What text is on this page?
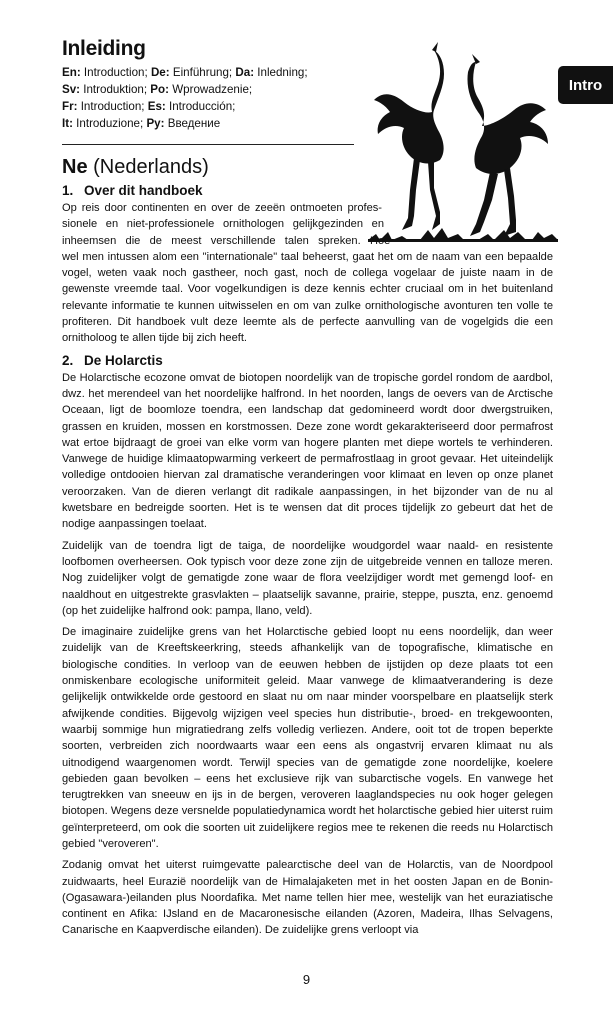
Inleiding
En: Introduction; De: Einführung; Da: Inledning;
Sv: Introduktion; Po: Wprowadzenie;
Fr: Introduction; Es: Introducción;
It: Introduzione; Py: Введение
Intro
Ne (Nederlands)
1. Over dit handboek

Op reis door continenten en over de zeeën ontmoeten profes-
sionele en niet-professionele ornithologen gelijkgezinden en
inheemsen die de meest verschillende talen spreken. Hoe-
wel men intussen alom een "internationale" taal beheerst, gaat het om de naam van een bepaalde vogel, weten vaak noch gastheer, noch gast, noch de collega vogelaar de juiste naam in de gewenste vreemde taal. Voor vogelkundigen is deze kennis echter cruciaal om in het buitenland relevante informatie te kunnen uitwisselen en om van zulke ornithologische avonturen ten volle te profiteren. Dit handboek vult deze leemte als de perfecte aanvulling van de vogelgids die een ornitholoog te allen tijde bij zich heeft.

2. De Holarctis

De Holarctische ecozone omvat de biotopen noordelijk van de tropische gordel rondom de aardbol, dwz. het merendeel van het noordelijke halfrond. In het noorden, langs de oevers van de Arctische Oceaan, ligt de boomloze toendra, een landschap dat gedomineerd wordt door dwergstruiken, grassen en kruiden, mossen en korstmossen. Deze zone wordt gekarakteriseerd door permafrost wat ertoe bijdraagt de groei van elke vorm van hogere planten met diepe wortels te verhinderen. Vanwege de huidige klimaatopwarming verkeert de permafrostlaag in groot gevaar. Het uiteindelijk volledige ontdooien hiervan zal dramatische veranderingen voor klimaat en leven op onze planet veroorzaken. Van de dieren verlangt dit radikale aanpassingen, in het bijzonder van de nu al kwetsbare en bedreigde soorten. Het is te wensen dat dit proces tijdelijk zo gebeurt dat het de nodige aanpassingen toelaat.

Zuidelijk van de toendra ligt de taiga, de noordelijke woudgordel waar naald- en resistente loofbomen overheersen. Ook typisch voor deze zone zijn de uitgebreide vennen en talloze meren. Nog zuidelijker volgt de gematigde zone waar de flora veelzijdiger wordt met gemengd loof- en naaldhout en uitgestrekte grasvlakten – plaatselijk savanne, prairie, steppe, puszta, enz. genoemd (op het zuidelijke halfrond ook: pampa, llano, veld).

De imaginaire zuidelijke grens van het Holarctische gebied loopt nu eens noordelijk, dan weer zuidelijk van de Kreeftskeerkring, steeds afhankelijk van de topografische, klimatische en biologische condities. In verloop van de eeuwen hebben de ijstijden op deze plaats tot een onmiskenbare ecologische uniformiteit geleid. Maar vanwege de klimaatverandering is deze gelijkelijk ontwikkelde orde gestoord en slaat nu om naar minder voorspelbare en plaatselijk sterk afwijkende condities. Bijgevolg wijzigen veel species hun distributie-, broed- en trekgewoonten, waarbij sommige hun migratiedrang zelfs volledig verliezen. Andere, ooit tot de tropen beperkte soorten, verbreiden zich noordwaarts waar een eens als ongastvrij ervaren klimaat nu als uitnodigend waargenomen wordt. Terwijl species van de gematigde zone noordelijke, koelere gebieden gaan bevolken – eens het exclusieve rijk van subarctische vogels. En vanwege het terugtrekken van sneeuw en ijs in de bergen, veroveren laaglandspecies nu ook hoger gelegen biotopen. Wegens deze versnelde populatiedynamica wordt het holarctische gebied hier uiterst ruim geïnterpreteerd, om ook die soorten uit zuidelijkere regios mee te rekenen die reeds nu Holarctisch gebied "veroveren".

Zodanig omvat het uiterst ruimgevatte palearctische deel van de Holarctis, van de Noordpool zuidwaarts, heel Eurazië noordelijk van de Himalajaketen met in het oosten Japan en de Bonin- (Ogasawara-)eilanden plus Noordafika. Met name tellen hier mee, westelijk van het euraziatische continent en Afika: IJsland en de Macaronesische eilanden (Azoren, Madeira, Ilhas Selvagens, Canarische en Kaapverdische eilanden). De zuidelijke grens verloopt via

9
